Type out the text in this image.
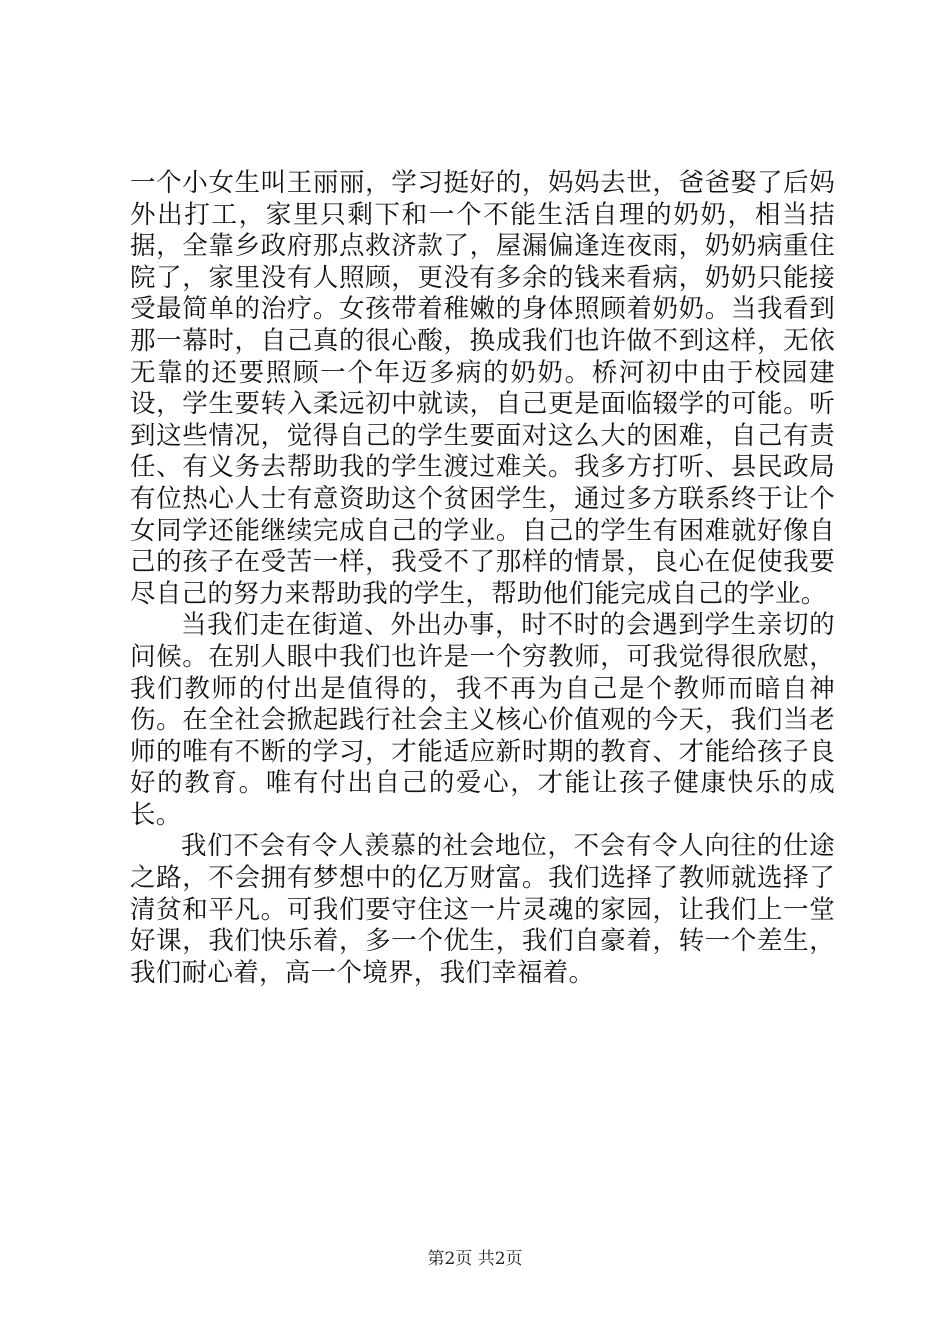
一个小女生叫王丽丽，学习挺好的，妈妈去世，爸爸娶了后妈外出打工，家里只剩下和一个不能生活自理的奶奶，相当拮据，全靠乡政府那点救济款了，屋漏偏逢连夜雨，奶奶病重住院了，家里没有人照顾，更没有多余的钱来看病，奶奶只能接受最简单的治疗。女孩带着稚嫩的身体照顾着奶奶。当我看到那一幕时，自己真的很心酸，换成我们也许做不到这样，无依无靠的还要照顾一个年迈多病的奶奶。桥河初中由于校园建设，学生要转入柔远初中就读，自己更是面临辍学的可能。听到这些情况，觉得自己的学生要面对这么大的困难，自己有责任、有义务去帮助我的学生渡过难关。我多方打听、县民政局有位热心人士有意资助这个贫困学生，通过多方联系终于让个女同学还能继续完成自己的学业。自己的学生有困难就好像自己的孩子在受苦一样，我受不了那样的情景，良心在促使我要尽自己的努力来帮助我的学生，帮助他们能完成自己的学业。

当我们走在街道、外出办事，时不时的会遇到学生亲切的问候。在别人眼中我们也许是一个穷教师，可我觉得很欣慰，我们教师的付出是值得的，我不再为自己是个教师而暗自神伤。在全社会掀起践行社会主义核心价值观的今天，我们当老师的唯有不断的学习，才能适应新时期的教育、才能给孩子良好的教育。唯有付出自己的爱心，才能让孩子健康快乐的成长。

我们不会有令人羡慕的社会地位，不会有令人向往的仕途之路，不会拥有梦想中的亿万财富。我们选择了教师就选择了清贫和平凡。可我们要守住这一片灵魂的家园，让我们上一堂好课，我们快乐着，多一个优生，我们自豪着，转一个差生，我们耐心着，高一个境界，我们幸福着。

第2页 共2页
